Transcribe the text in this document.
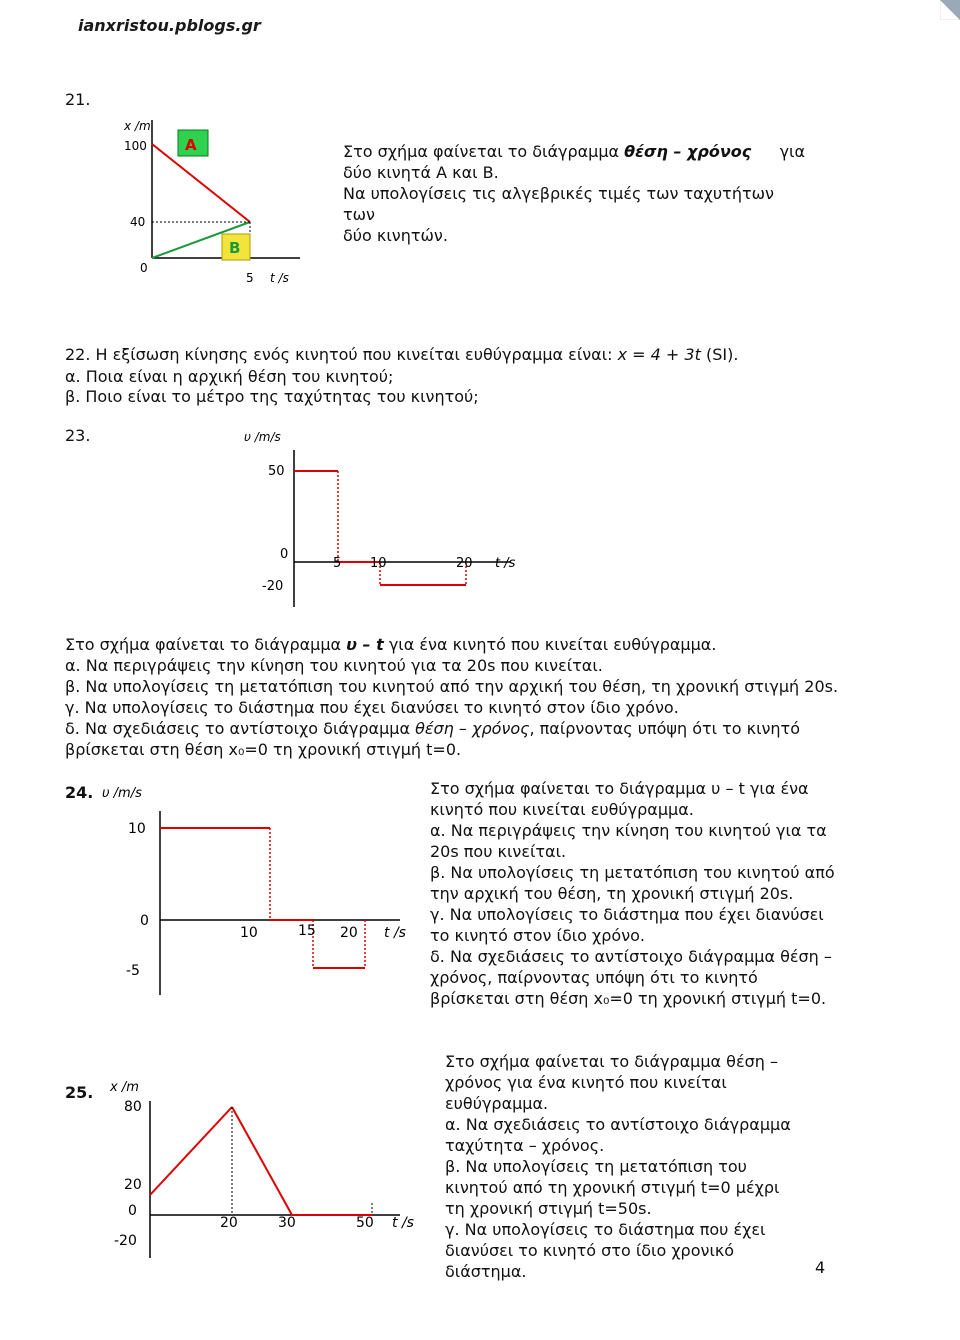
ianxristou.pblogs.gr
21.
A
B
x /m
100
40
0
5 t /s
Στο σχήμα φαίνεται το διάγραμμα θέση – χρόνος για
δύο κινητά Α και Β.
Να υπολογίσεις τις αλγεβρικές τιμές των ταχυτήτων των
δύο κινητών.
22. Η εξίσωση κίνησης ενός κινητού που κινείται ευθύγραμμα είναι: x = 4 + 3t (SI).
α. Ποια είναι η αρχική θέση του κινητού;
β. Ποιο είναι το μέτρο της ταχύτητας του κινητού;
23.	υ /m/s
50
0
-20
5 10	20 t /s
Στο σχήμα φαίνεται το διάγραμμα υ – t για ένα κινητό που κινείται ευθύγραμμα.
α. Να περιγράψεις την κίνηση του κινητού για τα 20s που κινείται.
β. Να υπολογίσεις τη μετατόπιση του κινητού από την αρχική του θέση, τη χρονική στιγμή 20s.
γ. Να υπολογίσεις το διάστημα που έχει διανύσει το κινητό στον ίδιο χρόνο.
δ. Να σχεδιάσεις το αντίστοιχο διάγραμμα θέση – χρόνος, παίρνοντας υπόψη ότι το κινητό
βρίσκεται στη θέση x₀=0 τη χρονική στιγμή t=0.
24. υ /m/s
10
0
-5
10	15 20 t /s
Στο σχήμα φαίνεται το διάγραμμα υ – t για ένα
κινητό που κινείται ευθύγραμμα.
α. Να περιγράψεις την κίνηση του κινητού για τα
20s που κινείται.
β. Να υπολογίσεις τη μετατόπιση του κινητού από
την αρχική του θέση, τη χρονική στιγμή 20s.
γ. Να υπολογίσεις το διάστημα που έχει διανύσει
το κινητό στον ίδιο χρόνο.
δ. Να σχεδιάσεις το αντίστοιχο διάγραμμα θέση –
χρόνος, παίρνοντας υπόψη ότι το κινητό
βρίσκεται στη θέση x₀=0 τη χρονική στιγμή t=0.
25. x /m
80
20
0
-20
20	30	50 t /s
Στο σχήμα φαίνεται το διάγραμμα θέση –
χρόνος για ένα κινητό που κινείται
ευθύγραμμα.
α. Να σχεδιάσεις το αντίστοιχο διάγραμμα
ταχύτητα – χρόνος.
β. Να υπολογίσεις τη μετατόπιση του
κινητού από τη χρονική στιγμή t=0 μέχρι
τη χρονική στιγμή t=50s.
γ. Να υπολογίσεις το διάστημα που έχει
διανύσει το κινητό στο ίδιο χρονικό
διάστημα.	4
